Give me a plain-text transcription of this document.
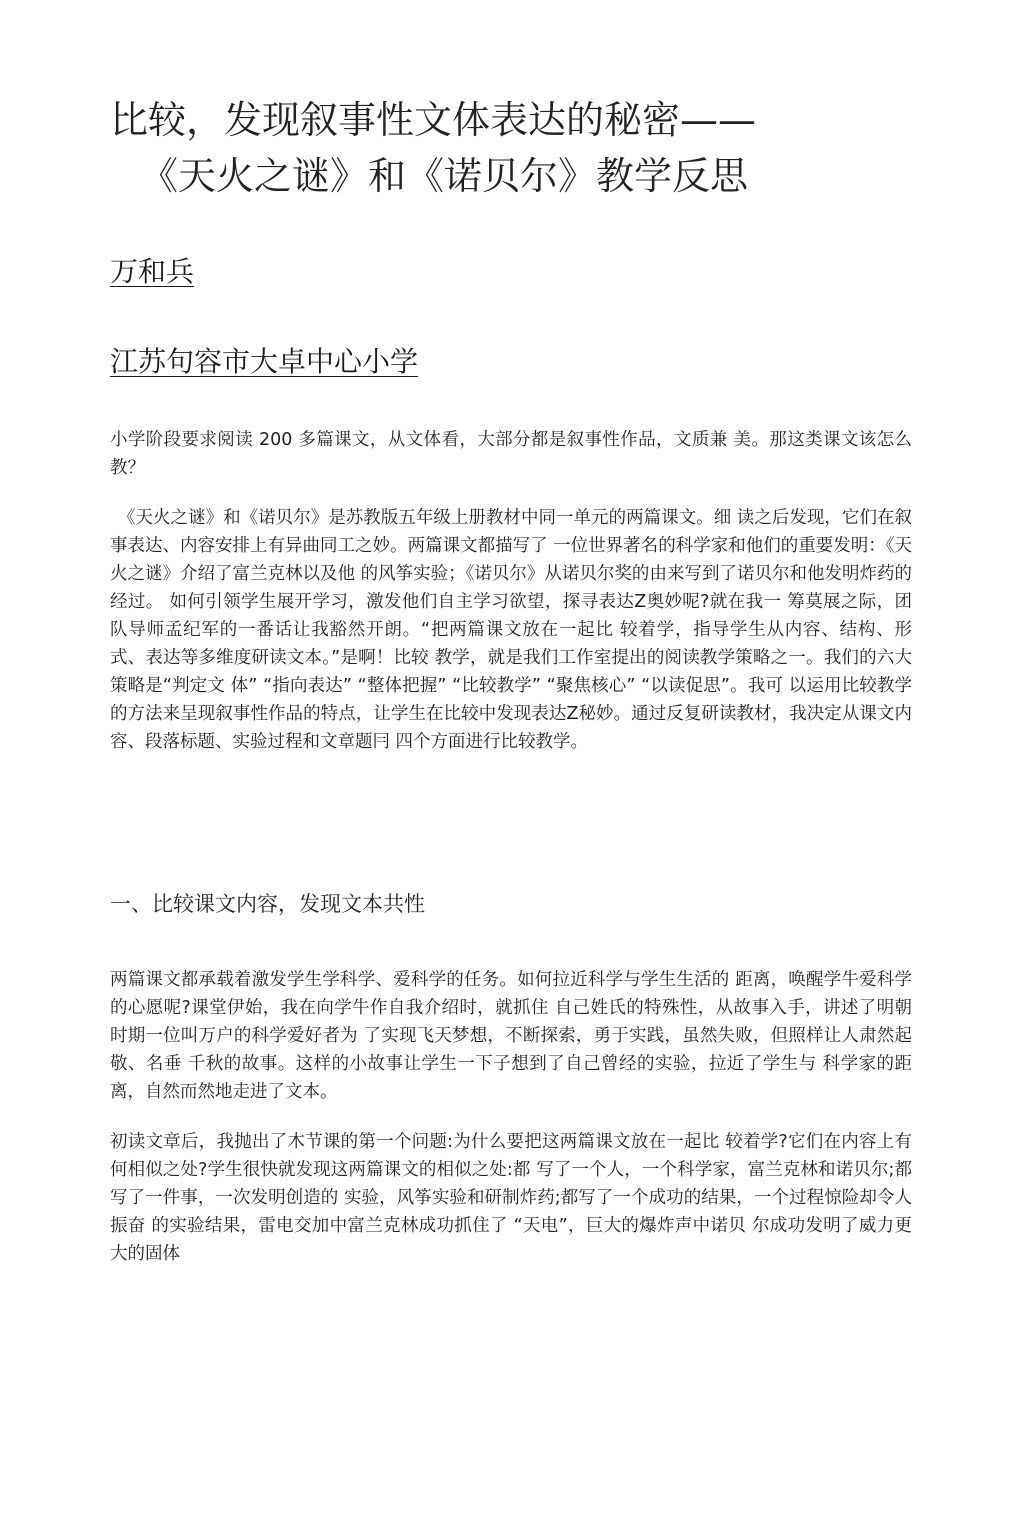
比较，发现叙事性文体表达的秘密——
《天火之谜》和《诺贝尔》教学反思
万和兵
江苏句容市大卓中心小学

小学阶段要求阅读 200 多篇课文，从文体看，大部分都是叙事性作品，文质兼 美。那这类课文该怎么教？

《天火之谜》和《诺贝尔》是苏教版五年级上册教材中同一单元的两篇课文。细 读之后发现，它们在叙事表达、内容安排上有异曲同工之妙。两篇课文都描写了 一位世界著名的科学家和他们的重要发明：《天火之谜》介绍了富兰克林以及他 的风筝实验；《诺贝尔》从诺贝尔奖的由来写到了诺贝尔和他发明炸药的经过。 如何引领学生展开学习，激发他们自主学习欲望，探寻表达Z奥妙呢?就在我一 筹莫展之际，团队导师孟纪军的一番话让我豁然开朗。“把两篇课文放在一起比 较着学，指导学生从内容、结构、形式、表达等多维度研读文本。”是啊！比较 教学，就是我们工作室提出的阅读教学策略之一。我们的六大策略是“判定文 体” “指向表达” “整体把握” “比较教学” “聚焦核心” “以读促思”。我可 以运用比较教学的方法来呈现叙事性作品的特点，让学生在比较中发现表达Z秘妙。通过反复研读教材，我决定从课文内容、段落标题、实验过程和文章题冃 四个方面进行比较教学。

一、比较课文内容，发现文本共性

两篇课文都承载着激发学生学科学、爱科学的任务。如何拉近科学与学生生活的 距离，唤醒学牛爱科学的心愿呢?课堂伊始，我在向学牛作自我介绍时，就抓住 自己姓氏的特殊性，从故事入手，讲述了明朝时期一位叫万户的科学爱好者为 了实现飞天梦想，不断探索，勇于实践，虽然失败，但照样让人肃然起敬、名垂 千秋的故事。这样的小故事让学生一下子想到了自己曾经的实验，拉近了学生与 科学家的距离，自然而然地走进了文本。

初读文章后，我抛出了木节课的第一个问题:为什么要把这两篇课文放在一起比 较着学?它们在内容上有何相似之处?学生很快就发现这两篇课文的相似之处:都 写了一个人，一个科学家，富兰克林和诺贝尔;都写了一件事，一次发明创造的 实验，风筝实验和研制炸药;都写了一个成功的结果，一个过程惊险却令人振奋 的实验结果，雷电交加中富兰克林成功抓住了 “天电”，巨大的爆炸声中诺贝 尔成功发明了威力更大的固体
